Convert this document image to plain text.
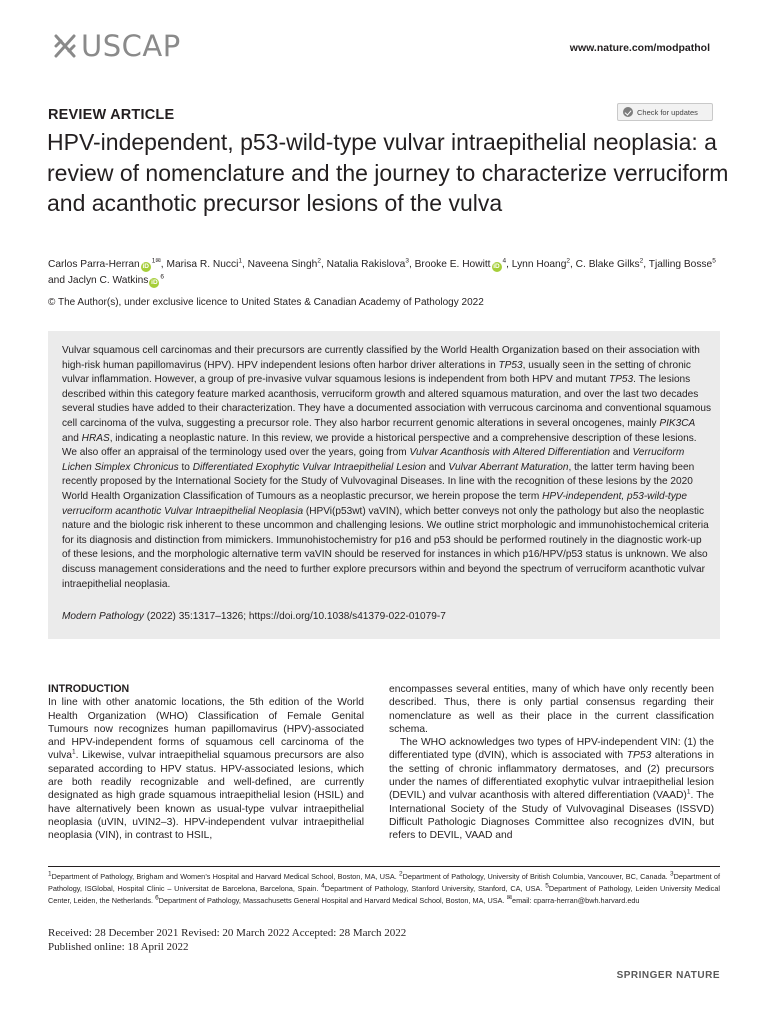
USCAP	www.nature.com/modpathol
REVIEW ARTICLE	Check for updates
HPV-independent, p53-wild-type vulvar intraepithelial neoplasia: a review of nomenclature and the journey to characterize verruciform and acanthotic precursor lesions of the vulva
Carlos Parra-Herran $iD^{1✉}$, Marisa R. Nucci$^1$, Naveena Singh$^2$, Natalia Rakislova$^3$, Brooke E. Howitt $iD^4$, Lynn Hoang$^2$, C. Blake Gilks$^2$, Tjalling Bosse$^5$ and Jaclyn C. Watkins $iD^6$
© The Author(s), under exclusive licence to United States & Canadian Academy of Pathology 2022

Vulvar squamous cell carcinomas and their precursors are currently classified by the World Health Organization based on their association with high-risk human papillomavirus (HPV). HPV independent lesions often harbor driver alterations in TP53, usually seen in the setting of chronic vulvar inflammation. However, a group of pre-invasive vulvar squamous lesions is independent from both HPV and mutant TP53. The lesions described within this category feature marked acanthosis, verruciform growth and altered squamous maturation, and over the last two decades several studies have added to their characterization. They have a documented association with verrucous carcinoma and conventional squamous cell carcinoma of the vulva, suggesting a precursor role. They also harbor recurrent genomic alterations in several oncogenes, mainly PIK3CA and HRAS, indicating a neoplastic nature. In this review, we provide a historical perspective and a comprehensive description of these lesions. We also offer an appraisal of the terminology used over the years, going from Vulvar Acanthosis with Altered Differentiation and Verruciform Lichen Simplex Chronicus to Differentiated Exophytic Vulvar Intraepithelial Lesion and Vulvar Aberrant Maturation, the latter term having been recently proposed by the International Society for the Study of Vulvovaginal Diseases. In line with the recognition of these lesions by the 2020 World Health Organization Classification of Tumours as a neoplastic precursor, we herein propose the term HPV-independent, p53-wild-type verruciform acanthotic Vulvar Intraepithelial Neoplasia (HPVi(p53wt) vaVIN), which better conveys not only the pathology but also the neoplastic nature and the biologic risk inherent to these uncommon and challenging lesions. We outline strict morphologic and immunohistochemical criteria for its diagnosis and distinction from mimickers. Immunohistochemistry for p16 and p53 should be performed routinely in the diagnostic work-up of these lesions, and the morphologic alternative term vaVIN should be reserved for instances in which p16/HPV/p53 status is unknown. We also discuss management considerations and the need to further explore precursors within and beyond the spectrum of verruciform acanthotic vulvar intraepithelial neoplasia.

Modern Pathology (2022) 35:1317–1326; https://doi.org/10.1038/s41379-022-01079-7
INTRODUCTION

In line with other anatomic locations, the 5th edition of the World Health Organization (WHO) Classification of Female Genital Tumours now recognizes human papillomavirus (HPV)-associated and HPV-independent forms of squamous cell carcinoma of the vulva$^1$. Likewise, vulvar intraepithelial squamous precursors are also separated according to HPV status. HPV-associated lesions, which are both readily recognizable and well-defined, are currently designated as high grade squamous intraepithelial lesion (HSIL) and have alternatively been known as usual-type vulvar intraepithelial neoplasia (uVIN, uVIN2–3). HPV-independent vulvar intraepithelial neoplasia (VIN), in contrast to HSIL,

encompasses several entities, many of which have only recently been described. Thus, there is only partial consensus regarding their nomenclature as well as their place in the current classification schema.

The WHO acknowledges two types of HPV-independent VIN: (1) the differentiated type (dVIN), which is associated with TP53 alterations in the setting of chronic inflammatory dermatoses, and (2) precursors under the names of differentiated exophytic vulvar intraepithelial lesion (DEVIL) and vulvar acanthosis with altered differentiation (VAAD)$^1$. The International Society of the Study of Vulvovaginal Diseases (ISSVD) Difficult Pathologic Diagnoses Committee also recognizes dVIN, but refers to DEVIL, VAAD and

$^1$Department of Pathology, Brigham and Women’s Hospital and Harvard Medical School, Boston, MA, USA. $^2$Department of Pathology, University of British Columbia, Vancouver, BC, Canada. $^3$Department of Pathology, ISGlobal, Hospital Clinic – Universitat de Barcelona, Barcelona, Spain. $^4$Department of Pathology, Stanford University, Stanford, CA, USA. $^5$Department of Pathology, Leiden University Medical Center, Leiden, the Netherlands. $^6$Department of Pathology, Massachusetts General Hospital and Harvard Medical School, Boston, MA, USA. ✉email: cparra-herran@bwh.harvard.edu

Received: 28 December 2021 Revised: 20 March 2022 Accepted: 28 March 2022
Published online: 18 April 2022
SPRINGER NATURE
